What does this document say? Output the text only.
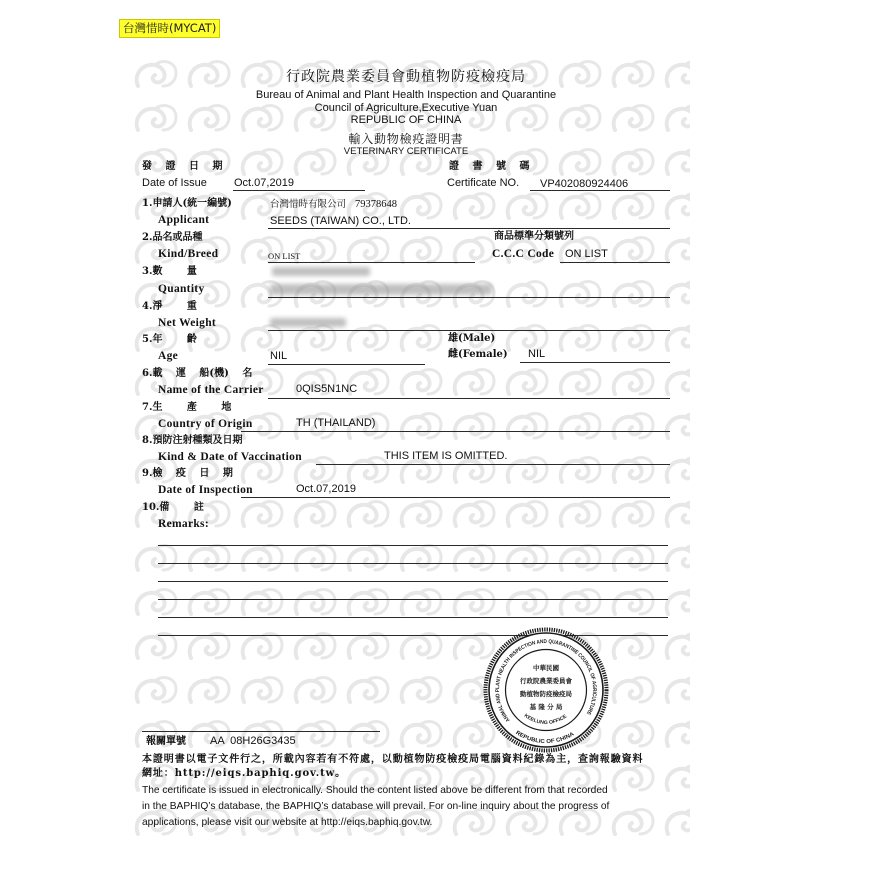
台灣惜時(MYCAT)
行政院農業委員會動植物防疫檢疫局
Bureau of Animal and Plant Health Inspection and Quarantine
Council of Agriculture,Executive Yuan
REPUBLIC OF CHINA
輸入動物檢疫證明書
VETERINARY CERTIFICATE
發 證 日 期
Date of Issue Oct.07,2019
證 書 號 碼
Certificate NO. VP402080924406
1.申請人(統一編號)	台灣惜時有限公司 79378648
Applicant	SEEDS (TAIWAN) CO., LTD.
2.品名或品種	商品標準分類號列
Kind/Breed	ON LIST	C.C.C Code ON LIST
3.數 量
Quantity
4.淨 重
Net Weight
5.年 齡
Age	NIL
雄(Male)
雌(Female) NIL
6.載 運 船(機) 名
Name of the Carrier	0QIS5N1NC
7.生 產 地
Country of Origin	TH (THAILAND)
8.預防注射種類及日期
Kind & Date of Vaccination	THIS ITEM IS OMITTED.
9.檢 疫 日 期
Date of Inspection	Oct.07,2019
10.備 註
Remarks:
ANIMAL AND PLANT HEALTH INSPECTION AND QUARANTINE COUNCIL OF AGRICULTURE
REPUBLIC OF CHINA
KEELUNG OFFICE
中華民國
行政院農業委員會
動植物防疫檢疫局
基 隆 分 局
報關單號 AA  08H26G3435
本證明書以電子文件行之，所載內容若有不符處，以動植物防疫檢疫局電腦資料紀錄為主，查詢報驗資料
網址：http://eiqs.baphiq.gov.tw。
The certificate is issued in electronically. Should the content listed above be different from that recorded
in the BAPHIQ’s database, the BAPHIQ’s database will prevail. For on-line inquiry about the progress of
applications, please visit our website at http://eiqs.baphiq.gov.tw.
